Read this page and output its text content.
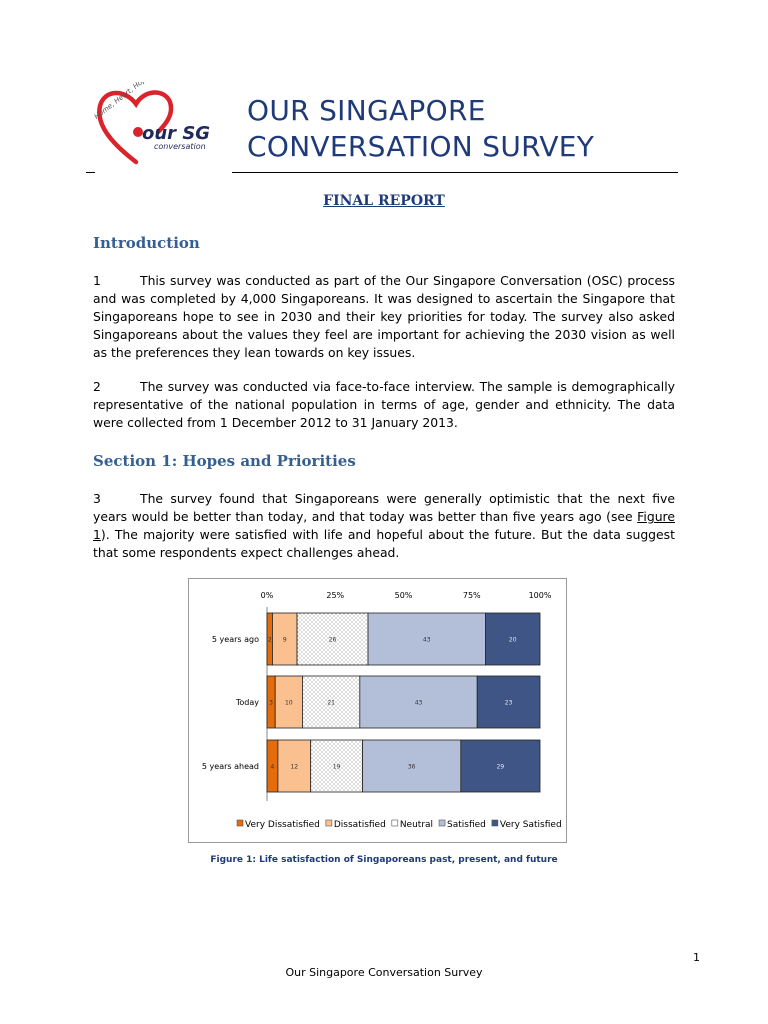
our SG
conversation
Home, Heart, Hope	OUR SINGAPORE
CONVERSATION SURVEY
FINAL REPORT
Introduction

1	This survey was conducted as part of the Our Singapore Conversation (OSC) process and was completed by 4,000 Singaporeans. It was designed to ascertain the Singapore that Singaporeans hope to see in 2030 and their key priorities for today. The survey also asked Singaporeans about the values they feel are important for achieving the 2030 vision as well as the preferences they lean towards on key issues.

2	The survey was conducted via face-to-face interview. The sample is demographically representative of the national population in terms of age, gender and ethnicity. The data were collected from 1 December 2012 to 31 January 2013.

Section 1: Hopes and Priorities

3	The survey found that Singaporeans were generally optimistic that the next five years would be better than today, and that today was better than five years ago (see Figure 1). The majority were satisfied with life and hopeful about the future. But the data suggest that some respondents expect challenges ahead.

0%	25%	50%	75%	100%
5 years ago 2 9	26	43	20
Today 3 10	21	43	23
5 years ahead 4	12	19	36	29
Very Dissatisfied Dissatisfied Neutral Satisfied Very Satisfied
Figure 1: Life satisfaction of Singaporeans past, present, and future
1
Our Singapore Conversation Survey
